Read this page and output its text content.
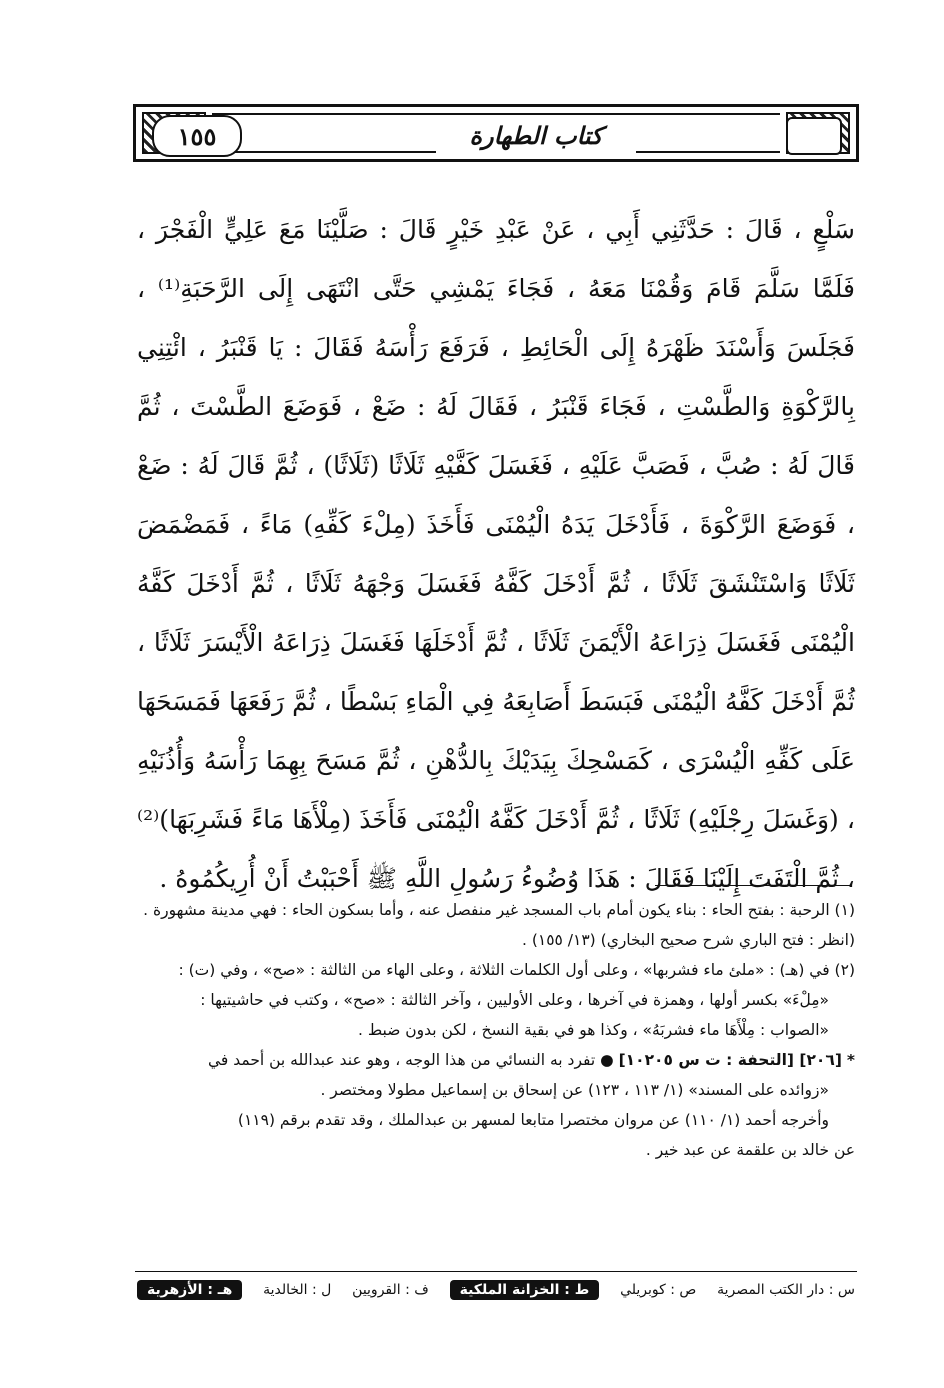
كتاب الطهارة
١٥٥

سَلْعٍ ، قَالَ : حَدَّثَنِي أَبِي ، عَنْ عَبْدِ خَيْرٍ قَالَ : صَلَّيْنَا مَعَ عَلِيٍّ الْفَجْرَ ، فَلَمَّا سَلَّمَ قَامَ وَقُمْنَا مَعَهُ ، فَجَاءَ يَمْشِي حَتَّى انْتَهَى إِلَى الرَّحَبَةِ⁽¹⁾ ، فَجَلَسَ وَأَسْنَدَ ظَهْرَهُ إِلَى الْحَائِطِ ، فَرَفَعَ رَأْسَهُ فَقَالَ : يَا قَنْبَرُ ، ائْتِنِي بِالرَّكْوَةِ وَالطَّسْتِ ، فَجَاءَ قَنْبَرُ ، فَقَالَ لَهُ : ضَعْ ، فَوَضَعَ الطَّسْتَ ، ثُمَّ قَالَ لَهُ : صُبَّ ، فَصَبَّ عَلَيْهِ ، فَغَسَلَ كَفَّيْهِ ثَلَاثًا (ثَلَاثًا) ، ثُمَّ قَالَ لَهُ : ضَعْ ، فَوَضَعَ الرَّكْوَةَ ، فَأَدْخَلَ يَدَهُ الْيُمْنَى فَأَخَذَ (مِلْءَ كَفِّهِ) مَاءً ، فَمَضْمَضَ ثَلَاثًا وَاسْتَنْشَقَ ثَلَاثًا ، ثُمَّ أَدْخَلَ كَفَّهُ فَغَسَلَ وَجْهَهُ ثَلَاثًا ، ثُمَّ أَدْخَلَ كَفَّهُ الْيُمْنَى فَغَسَلَ ذِرَاعَهُ الْأَيْمَنَ ثَلَاثًا ، ثُمَّ أَدْخَلَهَا فَغَسَلَ ذِرَاعَهُ الْأَيْسَرَ ثَلَاثًا ، ثُمَّ أَدْخَلَ كَفَّهُ الْيُمْنَى فَبَسَطَ أَصَابِعَهُ فِي الْمَاءِ بَسْطًا ، ثُمَّ رَفَعَهَا فَمَسَحَهَا عَلَى كَفِّهِ الْيُسْرَى ، كَمَسْحِكَ بِيَدَيْكَ بِالدُّهْنِ ، ثُمَّ مَسَحَ بِهِمَا رَأْسَهُ وَأُذُنَيْهِ ، (وَغَسَلَ رِجْلَيْهِ) ثَلَاثًا ، ثُمَّ أَدْخَلَ كَفَّهُ الْيُمْنَى فَأَخَذَ (مِلْأَهَا مَاءً فَشَرِبَهَا)⁽²⁾ ، ثُمَّ الْتَفَتَ إِلَيْنَا فَقَالَ : هَذَا وُضُوءُ رَسُولِ اللَّهِ ﷺ أَحْبَبْتُ أَنْ أُرِيكُمُوهُ .

(١) الرحبة : بفتح الحاء : بناء يكون أمام باب المسجد غير منفصل عنه ، وأما بسكون الحاء : فهي مدينة مشهورة . (انظر : فتح الباري شرح صحيح البخاري) (١٣/ ١٥٥) .

(٢) في (هـ) : «ملئ ماء فشربها» ، وعلى أول الكلمات الثلاثة ، وعلى الهاء من الثالثة : «صح» ، وفي (ت) :

«مِلْءَ» بكسر أولها ، وهمزة في آخرها ، وعلى الأوليين ، وآخر الثالثة : «صح» ، وكتب في حاشيتيها :

«الصواب : مِلْأَهَا ماء فشربَهُ» ، وكذا هو في بقية النسخ ، لكن بدون ضبط .

* [٢٠٦] [التحفة : ت س ١٠٢٠٥] ● تفرد به النسائي من هذا الوجه ، وهو عند عبدالله بن أحمد في

«زوائده على المسند» (١/ ١١٣ ، ١٢٣) عن إسحاق بن إسماعيل مطولا ومختصر .

وأخرجه أحمد (١/ ١١٠) عن مروان مختصرا متابعا لمسهر بن عبدالملك ، وقد تقدم برقم (١١٩)

عن خالد بن علقمة عن عبد خير .

س : دار الكتب المصرية
ص : كوبريلي
ط : الخزانة الملكية
ف : القرويين
ل : الخالدية
هـ : الأزهرية
